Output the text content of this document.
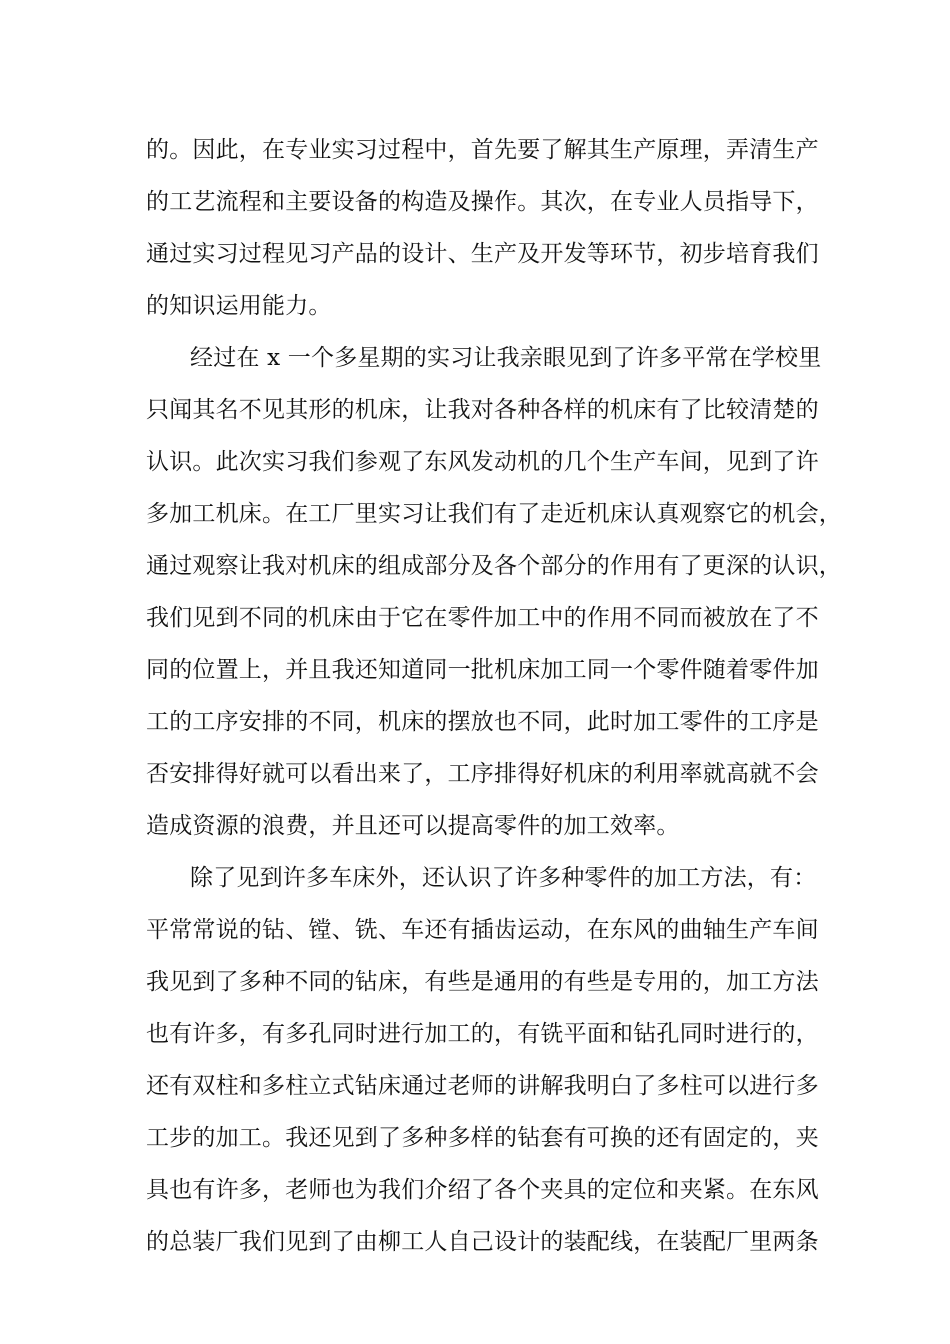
的。因此，在专业实习过程中，首先要了解其生产原理，弄清生产
的工艺流程和主要设备的构造及操作。其次，在专业人员指导下，
通过实习过程见习产品的设计、生产及开发等环节，初步培育我们
的知识运用能力。
经过在 x 一个多星期的实习让我亲眼见到了许多平常在学校里
只闻其名不见其形的机床，让我对各种各样的机床有了比较清楚的
认识。此次实习我们参观了东风发动机的几个生产车间，见到了许
多加工机床。在工厂里实习让我们有了走近机床认真观察它的机会，
通过观察让我对机床的组成部分及各个部分的作用有了更深的认识，
我们见到不同的机床由于它在零件加工中的作用不同而被放在了不
同的位置上，并且我还知道同一批机床加工同一个零件随着零件加
工的工序安排的不同，机床的摆放也不同，此时加工零件的工序是
否安排得好就可以看出来了，工序排得好机床的利用率就高就不会
造成资源的浪费，并且还可以提高零件的加工效率。
除了见到许多车床外，还认识了许多种零件的加工方法，有：
平常常说的钻、镗、铣、车还有插齿运动，在东风的曲轴生产车间
我见到了多种不同的钻床，有些是通用的有些是专用的，加工方法
也有许多，有多孔同时进行加工的，有铣平面和钻孔同时进行的，
还有双柱和多柱立式钻床通过老师的讲解我明白了多柱可以进行多
工步的加工。我还见到了多种多样的钻套有可换的还有固定的，夹
具也有许多，老师也为我们介绍了各个夹具的定位和夹紧。在东风
的总装厂我们见到了由柳工人自己设计的装配线，在装配厂里两条
